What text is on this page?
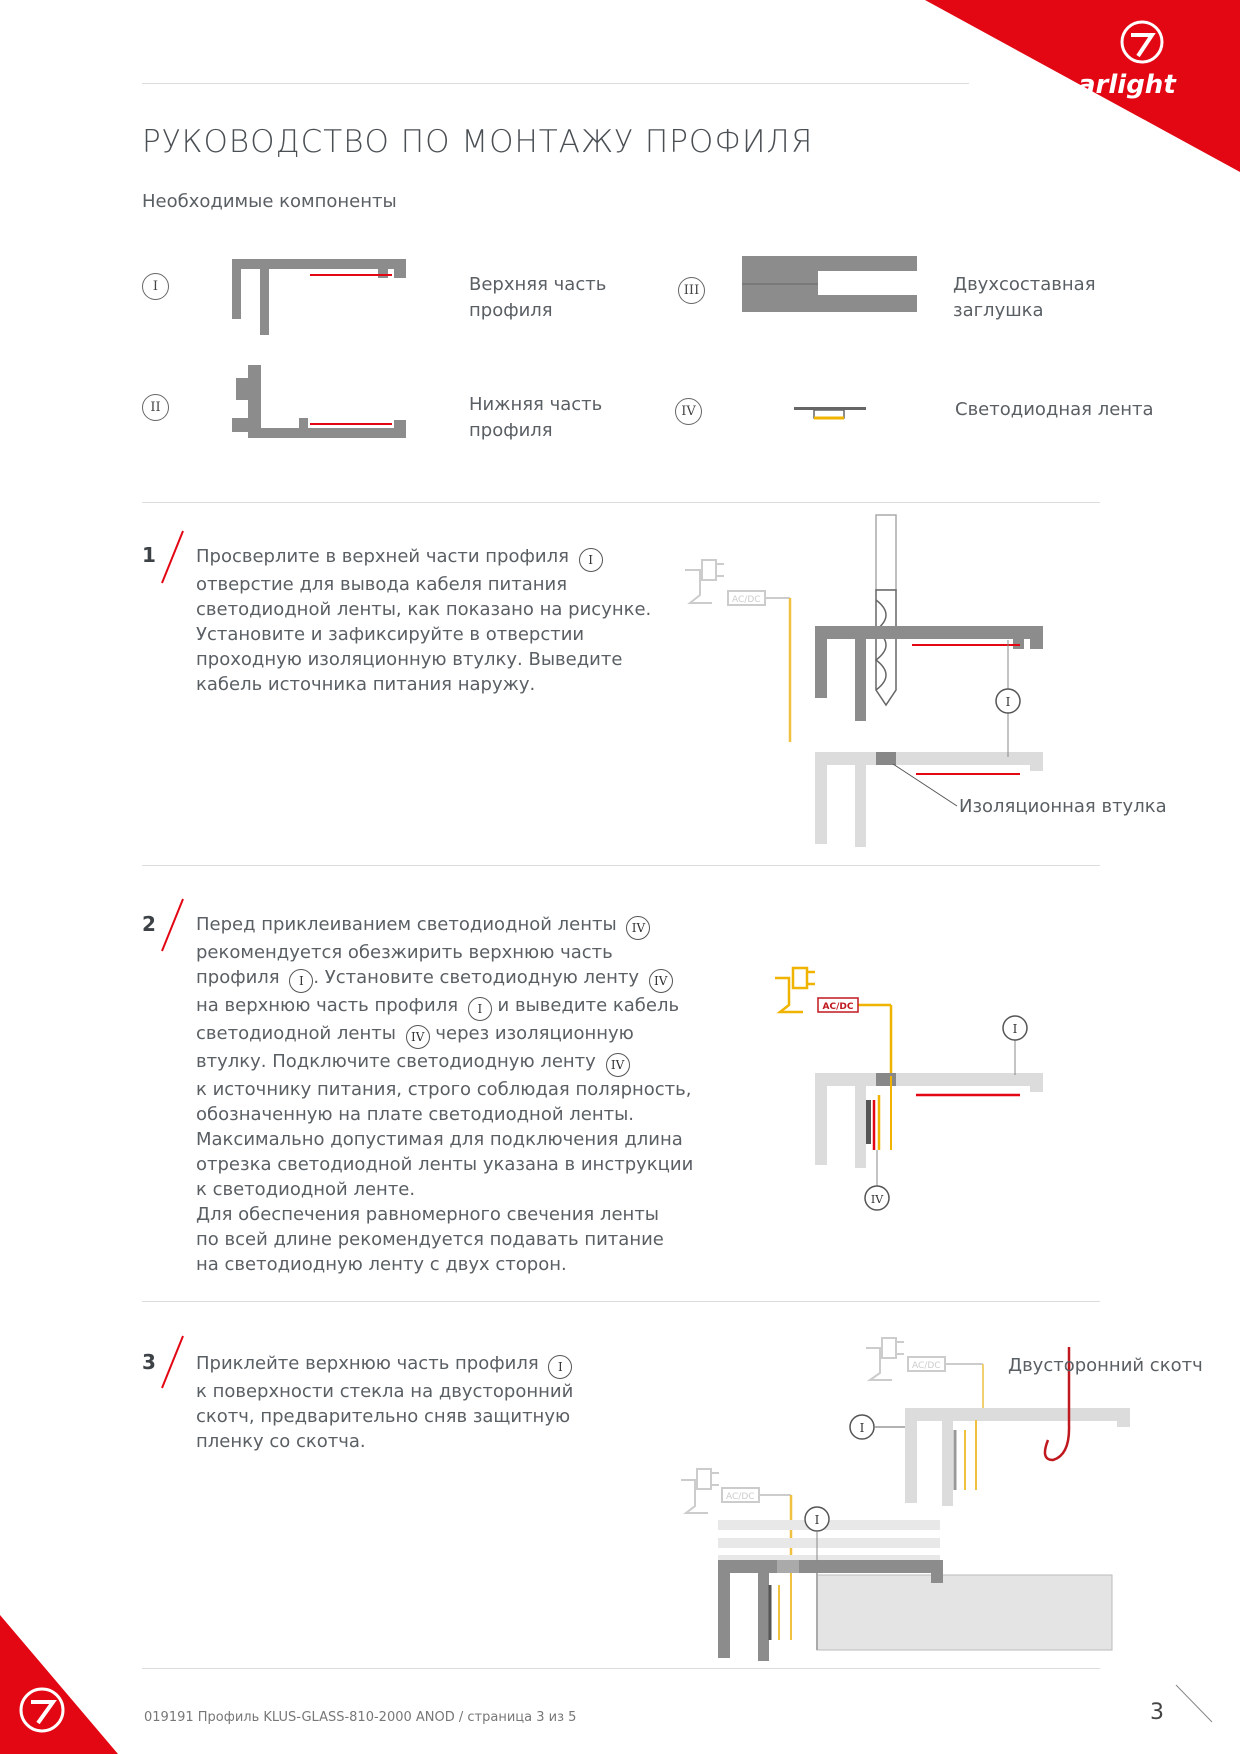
arlight
РУКОВОДСТВО ПО МОНТАЖУ ПРОФИЛЯ
Необходимые компоненты
I
II
III
IV
Верхняя часть
профиля
Нижняя часть
профиля
Двухсоставная
заглушка
Светодиодная лента
1 Просверлите в верхней части профиля I

отверстие для вывода кабеля питания

светодиодной ленты, как показано на рисунке.

Установите и зафиксируйте в отверстии

проходную изоляционную втулку. Выведите

кабель источника питания наружу.

2 Перед приклеиванием светодиодной ленты IV

рекомендуется обезжирить верхнюю часть

профиля I . Установите светодиодную ленту IV

на верхнюю часть профиля I и выведите кабель

светодиодной ленты IV через изоляционную

втулку. Подключите светодиодную ленту IV

к источнику питания, строго соблюдая полярность,

обозначенную на плате светодиодной ленты.

Максимально допустимая для подключения длина

отрезка светодиодной ленты указана в инструкции

к светодиодной ленте.

Для обеспечения равномерного свечения ленты

по всей длине рекомендуется подавать питание

на светодиодную ленту с двух сторон.

3 Приклейте верхнюю часть профиля I

к поверхности стекла на двусторонний

скотч, предварительно сняв защитную

пленку со скотча.

AC/DC
I
Изоляционная втулка
AC/DC
I
IV
AC/DC
I
AC/DC
I
Двусторонний скотч
019191 Профиль KLUS-GLASS-810-2000 ANOD / страница 3 из 5	3
